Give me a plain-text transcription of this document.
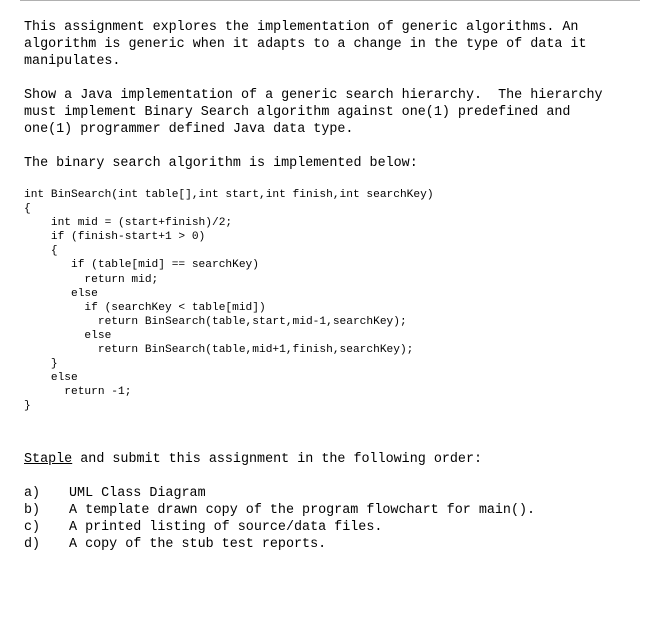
This assignment explores the implementation of generic algorithms. An algorithm is generic when it adapts to a change in the type of data it manipulates.
Show a Java implementation of a generic search hierarchy.  The hierarchy must implement Binary Search algorithm against one(1) predefined and one(1) programmer defined Java data type.
The binary search algorithm is implemented below:
int BinSearch(int table[],int start,int finish,int searchKey)
{
int mid = (start+finish)/2;
if (finish-start+1 > 0)
{
if (table[mid] == searchKey)
return mid;
else
if (searchKey < table[mid])
return BinSearch(table,start,mid-1,searchKey);
else
return BinSearch(table,mid+1,finish,searchKey);
}
else
return -1;
}
Staple and submit this assignment in the following order:
a)	UML Class Diagram
b)	A template drawn copy of the program flowchart for main().
c)	A printed listing of source/data files.
d)	A copy of the stub test reports.
